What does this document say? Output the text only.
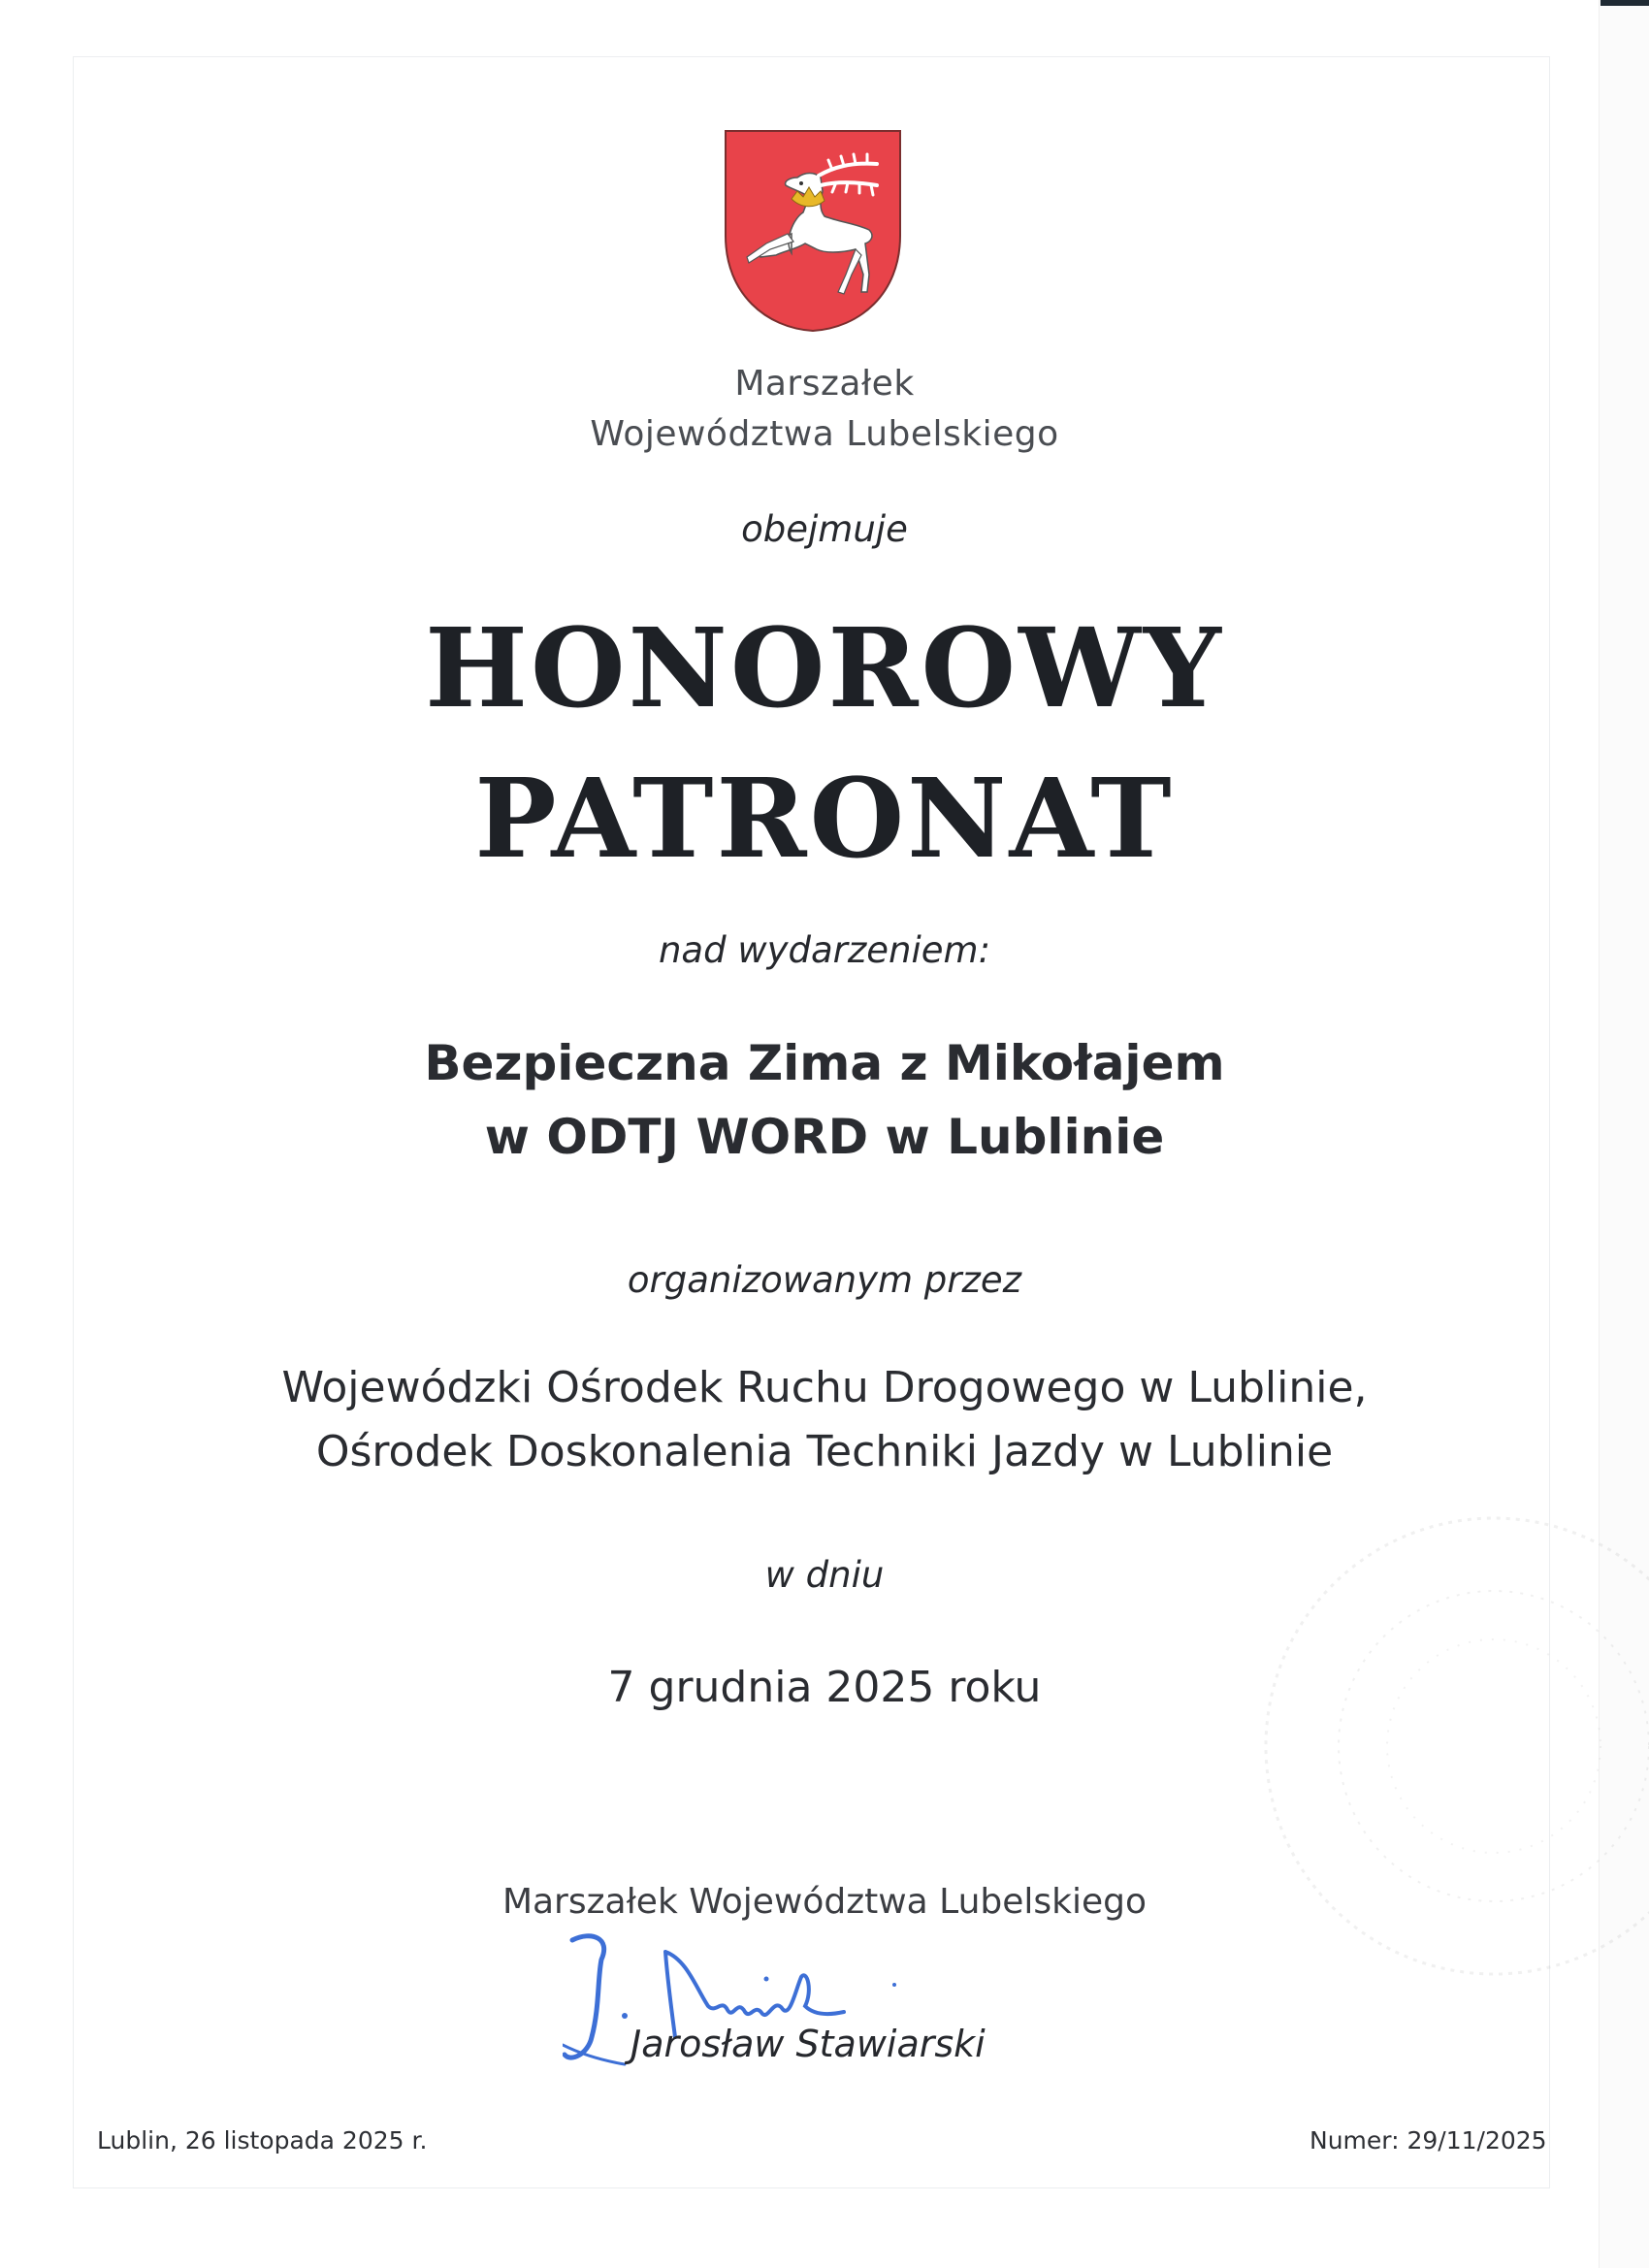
Marszałek
Województwa Lubelskiego
obejmuje
HONOROWY
PATRONAT
nad wydarzeniem:
Bezpieczna Zima z Mikołajem
w ODTJ WORD w Lublinie
organizowanym przez
Wojewódzki Ośrodek Ruchu Drogowego w Lublinie,
Ośrodek Doskonalenia Techniki Jazdy w Lublinie
w dniu
7 grudnia 2025 roku
Marszałek Województwa Lubelskiego
Jarosław Stawiarski
Lublin, 26 listopada 2025 r.	Numer: 29/11/2025
